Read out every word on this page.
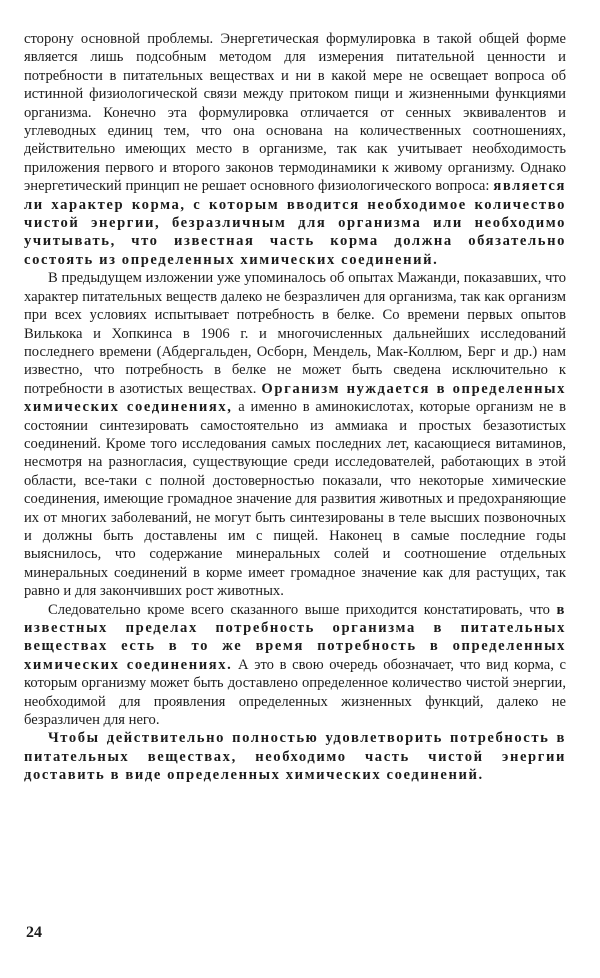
сторону основной проблемы. Энергетическая формулировка в такой общей форме является лишь подсобным методом для измерения питательной ценности и потребности в питательных веществах и ни в какой мере не освещает вопроса об истинной физиологической связи между притоком пищи и жизненными функциями организма. Конечно эта формулировка отличается от сенных эквивалентов и углеводных единиц тем, что она основана на количественных соотношениях, действительно имеющих место в организме, так как учитывает необходимость приложения первого и второго законов термодинамики к живому организму. Однако энергетический принцип не решает основного физиологического вопроса: является ли характер корма, с которым вводится необходимое количество чистой энергии, безразличным для организма или необходимо учитывать, что известная часть корма должна обязательно состоять из определенных химических соединений.

В предыдущем изложении уже упоминалось об опытах Мажанди, показавших, что характер питательных веществ далеко не безразличен для организма, так как организм при всех условиях испытывает потребность в белке. Со времени первых опытов Вилькока и Хопкинса в 1906 г. и многочисленных дальнейших исследований последнего времени (Абдергальден, Осборн, Мендель, Мак-Коллюм, Берг и др.) нам известно, что потребность в белке не может быть сведена исключительно к потребности в азотистых веществах. Организм нуждается в определенных химических соединениях, а именно в аминокислотах, которые организм не в состоянии синтезировать самостоятельно из аммиака и простых безазотистых соединений. Кроме того исследования самых последних лет, касающиеся витаминов, несмотря на разногласия, существующие среди исследователей, работающих в этой области, все-таки с полной достоверностью показали, что некоторые химические соединения, имеющие громадное значение для развития животных и предохраняющие их от многих заболеваний, не могут быть синтезированы в теле высших позвоночных и должны быть доставлены им с пищей. Наконец в самые последние годы выяснилось, что содержание минеральных солей и соотношение отдельных минеральных соединений в корме имеет громадное значение как для растущих, так равно и для закончивших рост животных.

Следовательно кроме всего сказанного выше приходится констатировать, что в известных пределах потребность организма в питательных веществах есть в то же время потребность в определенных химических соединениях. А это в свою очередь обозначает, что вид корма, с которым организму может быть доставлено определенное количество чистой энергии, необходимой для проявления определенных жизненных функций, далеко не безразличен для него.

Чтобы действительно полностью удовлетворить потребность в питательных веществах, необходимо часть чистой энергии доставить в виде определенных химических соединений.

24
